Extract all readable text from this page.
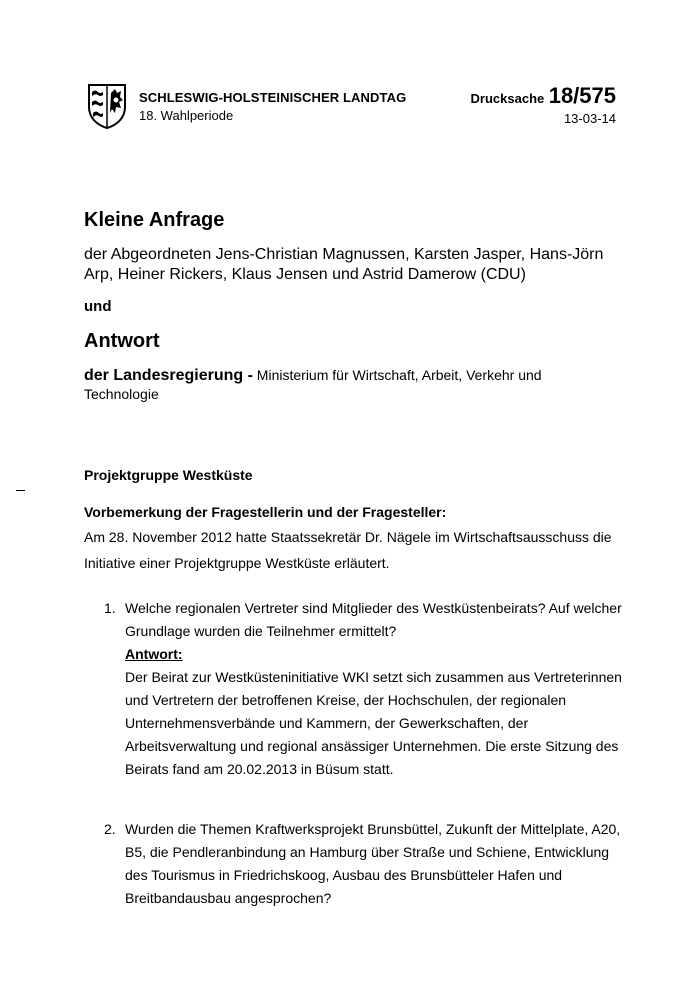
SCHLESWIG-HOLSTEINISCHER LANDTAG
18. Wahlperiode
Drucksache 18/575
13-03-14
Kleine Anfrage
der Abgeordneten Jens-Christian Magnussen, Karsten Jasper, Hans-Jörn Arp, Heiner Rickers, Klaus Jensen und Astrid Damerow (CDU)
und
Antwort
der Landesregierung - Ministerium für Wirtschaft, Arbeit, Verkehr und Technologie
Projektgruppe Westküste
Vorbemerkung der Fragestellerin und der Fragesteller:
Am 28. November 2012 hatte Staatssekretär Dr. Nägele im Wirtschaftsausschuss die Initiative einer Projektgruppe Westküste erläutert.
1. Welche regionalen Vertreter sind Mitglieder des Westküstenbeirats? Auf welcher Grundlage wurden die Teilnehmer ermittelt?
Antwort:
Der Beirat zur Westküsteninitiative WKI setzt sich zusammen aus Vertreterinnen und Vertretern der betroffenen Kreise, der Hochschulen, der regionalen Unternehmensverbände und Kammern, der Gewerkschaften, der Arbeitsverwaltung und regional ansässiger Unternehmen. Die erste Sitzung des Beirats fand am 20.02.2013 in Büsum statt.
2. Wurden die Themen Kraftwerksprojekt Brunsbüttel, Zukunft der Mittelplate, A20, B5, die Pendleranbindung an Hamburg über Straße und Schiene, Entwicklung des Tourismus in Friedrichskoog, Ausbau des Brunsbütteler Hafen und Breitbandausbau angesprochen?
